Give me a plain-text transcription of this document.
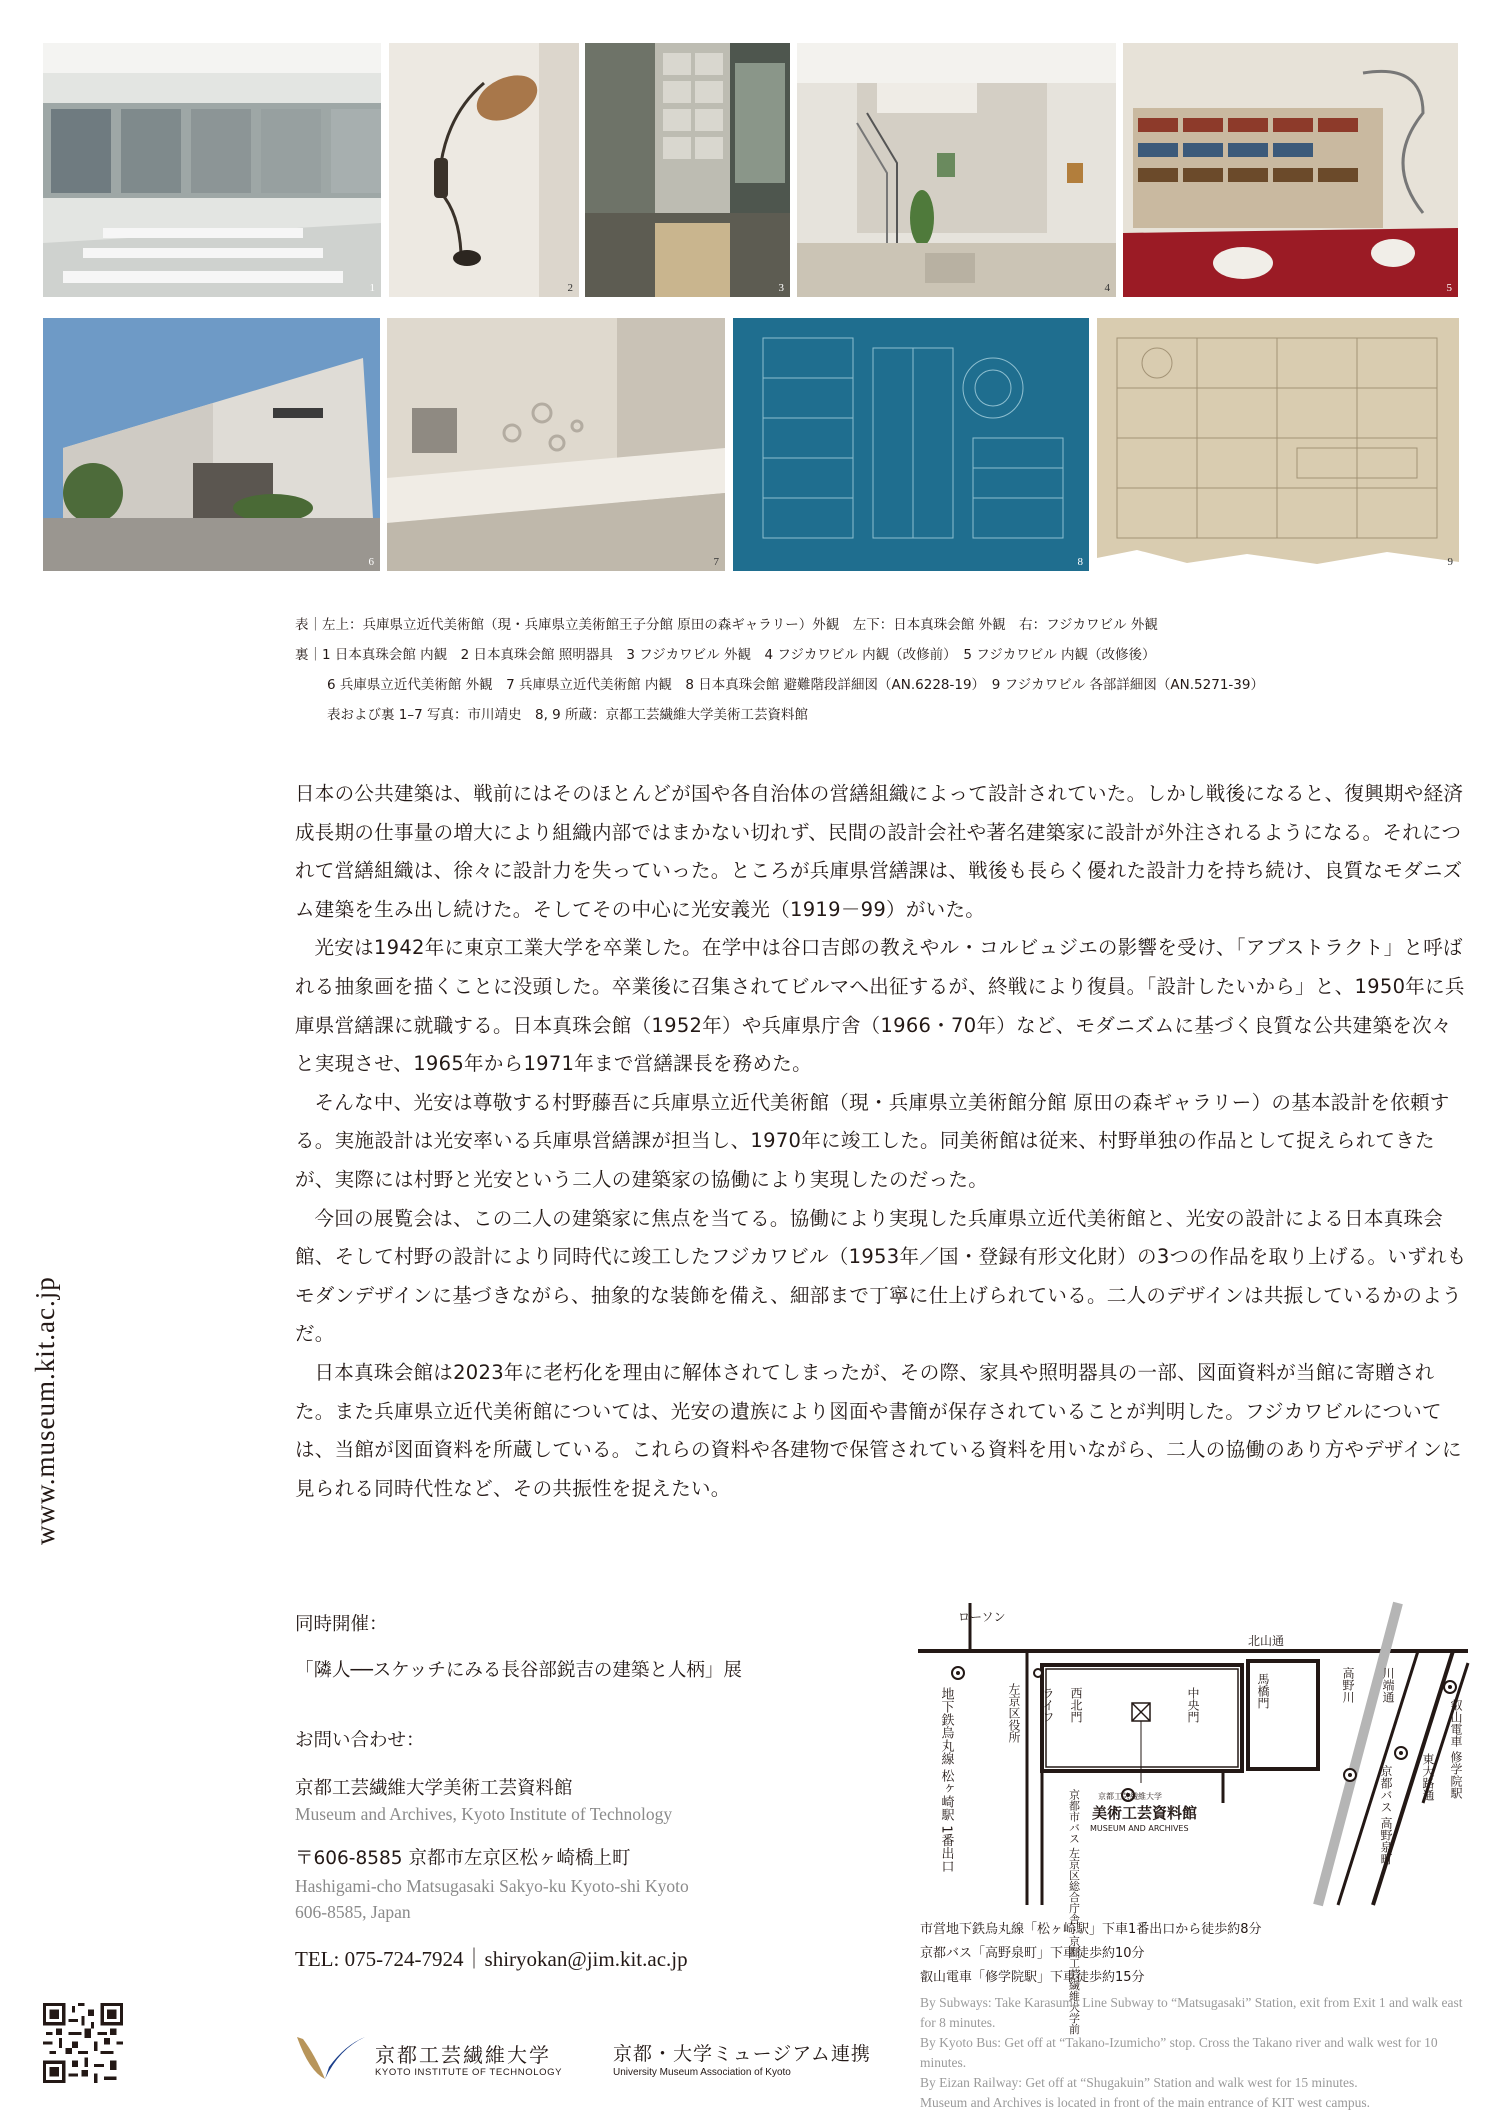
1	2	3	4	5
6	7	8	9
表｜左上：兵庫県立近代美術館（現・兵庫県立美術館王子分館 原田の森ギャラリー）外観　左下：日本真珠会館 外観　右：フジカワビル 外観
裏｜1 日本真珠会館 内観　2 日本真珠会館 照明器具　3 フジカワビル 外観　4 フジカワビル 内観（改修前）　5 フジカワビル 内観（改修後）
6 兵庫県立近代美術館 外観　7 兵庫県立近代美術館 内観　8 日本真珠会館 避難階段詳細図（AN.6228-19）　9 フジカワビル 各部詳細図（AN.5271-39）
表および裏 1–7 写真：市川靖史　8, 9 所蔵：京都工芸繊維大学美術工芸資料館

日本の公共建築は、戦前にはそのほとんどが国や各自治体の営繕組織によって設計されていた。しかし戦後になると、復興期や経済成長期の仕事量の増大により組織内部ではまかない切れず、民間の設計会社や著名建築家に設計が外注されるようになる。それにつれて営繕組織は、徐々に設計力を失っていった。ところが兵庫県営繕課は、戦後も長らく優れた設計力を持ち続け、良質なモダニズム建築を生み出し続けた。そしてその中心に光安義光（1919－99）がいた。

光安は1942年に東京工業大学を卒業した。在学中は谷口吉郎の教えやル・コルビュジエの影響を受け、「アブストラクト」と呼ばれる抽象画を描くことに没頭した。卒業後に召集されてビルマへ出征するが、終戦により復員。「設計したいから」と、1950年に兵庫県営繕課に就職する。日本真珠会館（1952年）や兵庫県庁舎（1966・70年）など、モダニズムに基づく良質な公共建築を次々と実現させ、1965年から1971年まで営繕課長を務めた。

そんな中、光安は尊敬する村野藤吾に兵庫県立近代美術館（現・兵庫県立美術館分館 原田の森ギャラリー）の基本設計を依頼する。実施設計は光安率いる兵庫県営繕課が担当し、1970年に竣工した。同美術館は従来、村野単独の作品として捉えられてきたが、実際には村野と光安という二人の建築家の協働により実現したのだった。

今回の展覧会は、この二人の建築家に焦点を当てる。協働により実現した兵庫県立近代美術館と、光安の設計による日本真珠会館、そして村野の設計により同時代に竣工したフジカワビル（1953年／国・登録有形文化財）の3つの作品を取り上げる。いずれもモダンデザインに基づきながら、抽象的な装飾を備え、細部まで丁寧に仕上げられている。二人のデザインは共振しているかのようだ。

日本真珠会館は2023年に老朽化を理由に解体されてしまったが、その際、家具や照明器具の一部、図面資料が当館に寄贈された。また兵庫県立近代美術館については、光安の遺族により図面や書簡が保存されていることが判明した。フジカワビルについては、当館が図面資料を所蔵している。これらの資料や各建物で保管されている資料を用いながら、二人の協働のあり方やデザインに見られる同時代性など、その共振性を捉えたい。

www.museum.kit.ac.jp
同時開催：
「隣人──スケッチにみる長谷部鋭吉の建築と人柄」展
お問い合わせ：
京都工芸繊維大学美術工芸資料館
Museum and Archives, Kyoto Institute of Technology
〒606-8585 京都市左京区松ヶ崎橋上町
Hashigami-cho Matsugasaki Sakyo-ku Kyoto-shi Kyoto
606-8585, Japan
TEL: 075-724-7924｜shiryokan@jim.kit.ac.jp
ローソン
北山通
西北門	中央門	馬橋門
左京区役所 ライフ
地下鉄烏丸線 松ヶ崎駅 1番出口
京都市バス 左京区総合庁舎・京都工芸繊維大学前
高野川 川端通
京都バス 高野泉町 東大路通 叡山電車 修学院駅
京都工芸繊維大学
美術工芸資料館
MUSEUM AND ARCHIVES
市営地下鉄烏丸線「松ヶ崎駅」下車1番出口から徒歩約8分
京都バス「高野泉町」下車徒歩約10分
叡山電車「修学院駅」下車徒歩約15分
By Subways: Take Karasuma Line Subway to “Matsugasaki” Station, exit from Exit 1 and walk east for 8 minutes.
By Kyoto Bus: Get off at “Takano-Izumicho” stop. Cross the Takano river and walk west for 10 minutes.
By Eizan Railway: Get off at “Shugakuin” Station and walk west for 15 minutes.
Museum and Archives is located in front of the main entrance of KIT west campus.
京都工芸繊維大学
KYOTO INSTITUTE OF TECHNOLOGY
京都・大学ミュージアム連携
University Museum Association of Kyoto
